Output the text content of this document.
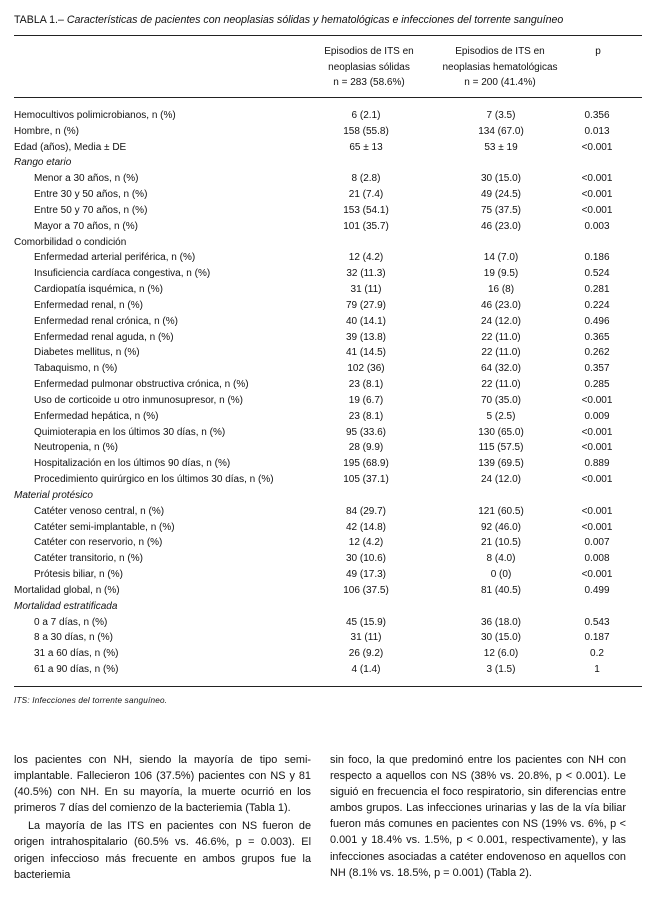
TABLA 1.– Características de pacientes con neoplasias sólidas y hematológicas e infecciones del torrente sanguíneo
Episodios de ITS en
neoplasias sólidas
n = 283 (58.6%)
Episodios de ITS en
neoplasias hematológicas
n = 200 (41.4%)
p
Hemocultivos polimicrobianos, n (%)	6 (2.1)	7 (3.5)	0.356
Hombre, n (%)	158 (55.8)	134 (67.0)	0.013
Edad (años), Media ± DE	65 ± 13	53 ± 19	<0.001
Rango etario
Menor a 30 años, n (%)	8 (2.8)	30 (15.0)	<0.001
Entre 30 y 50 años, n (%)	21 (7.4)	49 (24.5)	<0.001
Entre 50 y 70 años, n (%)	153 (54.1)	75 (37.5)	<0.001
Mayor a 70 años, n (%)	101 (35.7)	46 (23.0)	0.003
Comorbilidad o condición
Enfermedad arterial periférica, n (%)	12 (4.2)	14 (7.0)	0.186
Insuficiencia cardíaca congestiva, n (%)	32 (11.3)	19 (9.5)	0.524
Cardiopatía isquémica, n (%)	31 (11)	16 (8)	0.281
Enfermedad renal, n (%)	79 (27.9)	46 (23.0)	0.224
Enfermedad renal crónica, n (%)	40 (14.1)	24 (12.0)	0.496
Enfermedad renal aguda, n (%)	39 (13.8)	22 (11.0)	0.365
Diabetes mellitus, n (%)	41 (14.5)	22 (11.0)	0.262
Tabaquismo, n (%)	102 (36)	64 (32.0)	0.357
Enfermedad pulmonar obstructiva crónica, n (%)	23 (8.1)	22 (11.0)	0.285
Uso de corticoide u otro inmunosupresor, n (%)	19 (6.7)	70 (35.0)	<0.001
Enfermedad hepática, n (%)	23 (8.1)	5 (2.5)	0.009
Quimioterapia en los últimos 30 días, n (%)	95 (33.6)	130 (65.0)	<0.001
Neutropenia, n (%)	28 (9.9)	115 (57.5)	<0.001
Hospitalización en los últimos 90 días, n (%)	195 (68.9)	139 (69.5)	0.889
Procedimiento quirúrgico en los últimos 30 días, n (%)	105 (37.1)	24 (12.0)	<0.001
Material protésico
Catéter venoso central, n (%)	84 (29.7)	121 (60.5)	<0.001
Catéter semi-implantable, n (%)	42 (14.8)	92 (46.0)	<0.001
Catéter con reservorio, n (%)	12 (4.2)	21 (10.5)	0.007
Catéter transitorio, n (%)	30 (10.6)	8 (4.0)	0.008
Prótesis biliar, n (%)	49 (17.3)	0 (0)	<0.001
Mortalidad global, n (%)	106 (37.5)	81 (40.5)	0.499
Mortalidad estratificada
0 a 7 días, n (%)	45 (15.9)	36 (18.0)	0.543
8 a 30 días, n (%)	31 (11)	30 (15.0)	0.187
31 a 60 días, n (%)	26 (9.2)	12 (6.0)	0.2
61 a 90 días, n (%)	4 (1.4)	3 (1.5)	1
ITS: Infecciones del torrente sanguíneo.
los pacientes con NH, siendo la mayoría de tipo semi-implantable. Fallecieron 106 (37.5%) pacientes con NS y 81 (40.5%) con NH. En su mayoría, la muerte ocurrió en los primeros 7 días del comienzo de la bacteriemia (Tabla 1).
La mayoría de las ITS en pacientes con NS fueron de origen intrahospitalario (60.5% vs. 46.6%, p = 0.003). El origen infeccioso más frecuente en ambos grupos fue la bacteriemia
sin foco, la que predominó entre los pacientes con NH con respecto a aquellos con NS (38% vs. 20.8%, p < 0.001). Le siguió en frecuencia el foco respiratorio, sin diferencias entre ambos grupos. Las infecciones urinarias y las de la vía biliar fueron más comunes en pacientes con NS (19% vs. 6%, p < 0.001 y 18.4% vs. 1.5%, p < 0.001, respectivamente), y las infecciones asociadas a catéter endovenoso en aquellos con NH (8.1% vs. 18.5%, p = 0.001) (Tabla 2).
